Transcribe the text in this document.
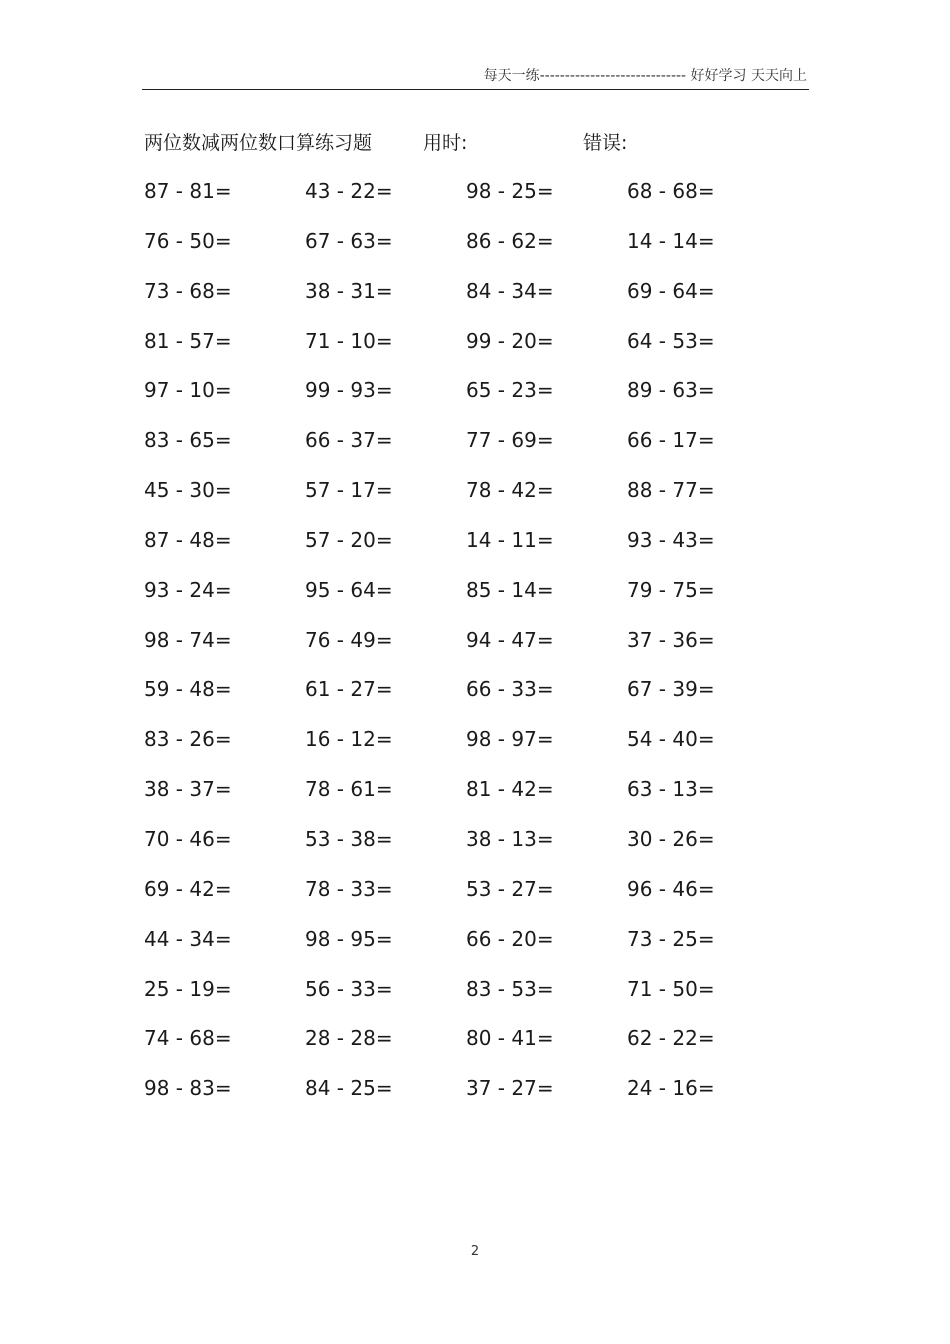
每天一练----------------------------- 好好学习 天天向上
两位数减两位数口算练习题	用时:	错误:
87 - 81=	43 - 22=	98 - 25=	68 - 68=
76 - 50=	67 - 63=	86 - 62=	14 - 14=
73 - 68=	38 - 31=	84 - 34=	69 - 64=
81 - 57=	71 - 10=	99 - 20=	64 - 53=
97 - 10=	99 - 93=	65 - 23=	89 - 63=
83 - 65=	66 - 37=	77 - 69=	66 - 17=
45 - 30=	57 - 17=	78 - 42=	88 - 77=
87 - 48=	57 - 20=	14 - 11=	93 - 43=
93 - 24=	95 - 64=	85 - 14=	79 - 75=
98 - 74=	76 - 49=	94 - 47=	37 - 36=
59 - 48=	61 - 27=	66 - 33=	67 - 39=
83 - 26=	16 - 12=	98 - 97=	54 - 40=
38 - 37=	78 - 61=	81 - 42=	63 - 13=
70 - 46=	53 - 38=	38 - 13=	30 - 26=
69 - 42=	78 - 33=	53 - 27=	96 - 46=
44 - 34=	98 - 95=	66 - 20=	73 - 25=
25 - 19=	56 - 33=	83 - 53=	71 - 50=
74 - 68=	28 - 28=	80 - 41=	62 - 22=
98 - 83=	84 - 25=	37 - 27=	24 - 16=
2
